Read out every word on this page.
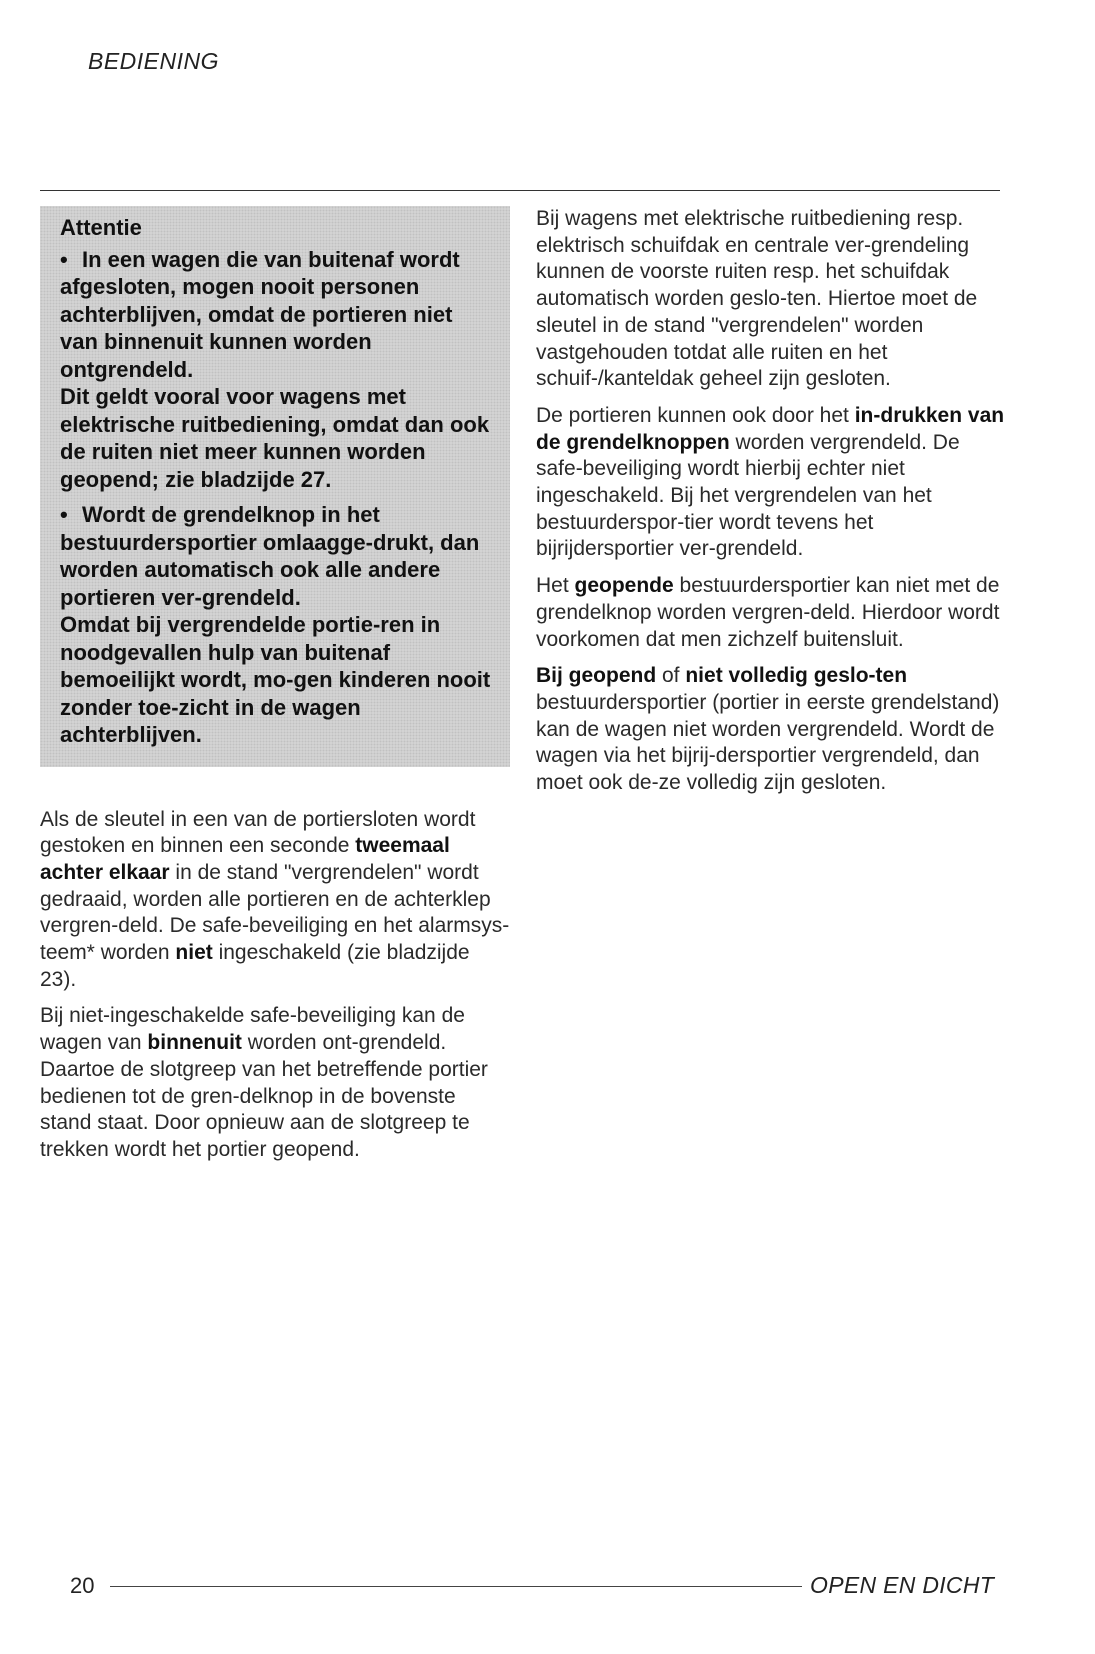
BEDIENING

Attentie

• In een wagen die van buitenaf wordt afgesloten, mogen nooit personen achterblijven, omdat de portieren niet van binnenuit kunnen worden ontgrendeld.

Dit geldt vooral voor wagens met elektrische ruitbediening, omdat dan ook de ruiten niet meer kunnen worden geopend; zie bladzijde 27.

• Wordt de grendelknop in het bestuurdersportier omlaagge-drukt, dan worden automatisch ook alle andere portieren ver-grendeld.

Omdat bij vergrendelde portie-ren in noodgevallen hulp van buitenaf bemoeilijkt wordt, mo-gen kinderen nooit zonder toe-zicht in de wagen achterblijven.

Als de sleutel in een van de portiersloten wordt gestoken en binnen een seconde tweemaal achter elkaar in de stand "vergrendelen" wordt gedraaid, worden alle portieren en de achterklep vergren-deld. De safe-beveiliging en het alarmsys-teem* worden niet ingeschakeld (zie bladzijde 23).

Bij niet-ingeschakelde safe-beveiliging kan de wagen van binnenuit worden ont-grendeld. Daartoe de slotgreep van het betreffende portier bedienen tot de gren-delknop in de bovenste stand staat. Door opnieuw aan de slotgreep te trekken wordt het portier geopend.

Bij wagens met elektrische ruitbediening resp. elektrisch schuifdak en centrale ver-grendeling kunnen de voorste ruiten resp. het schuifdak automatisch worden geslo-ten. Hiertoe moet de sleutel in de stand "vergrendelen" worden vastgehouden totdat alle ruiten en het schuif-/kanteldak geheel zijn gesloten.

De portieren kunnen ook door het in-drukken van de grendelknoppen worden vergrendeld. De safe-beveiliging wordt hierbij echter niet ingeschakeld. Bij het vergrendelen van het bestuurderspor-tier wordt tevens het bijrijdersportier ver-grendeld.

Het geopende bestuurdersportier kan niet met de grendelknop worden vergren-deld. Hierdoor wordt voorkomen dat men zichzelf buitensluit.

Bij geopend of niet volledig geslo-ten bestuurdersportier (portier in eerste grendelstand) kan de wagen niet worden vergrendeld. Wordt de wagen via het bijrij-dersportier vergrendeld, dan moet ook de-ze volledig zijn gesloten.

20	OPEN EN DICHT
